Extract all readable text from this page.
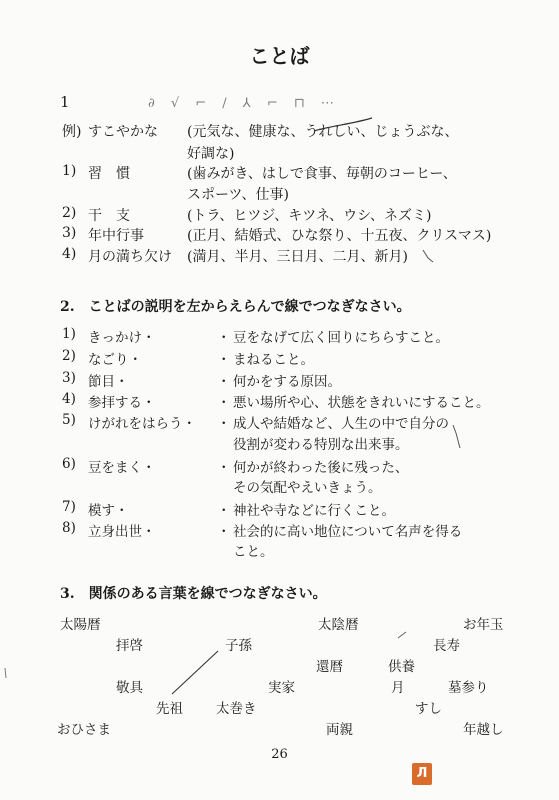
ことば
1	∂ √ ⌐ ∕ ⅄ ⌐ ⊓ ⋯
例) すこやかな (元気な、健康な、うれしい、じょうぶな、
好調な)
1) 習　慣	(歯みがき、はしで食事、毎朝のコーヒー、
スポーツ、仕事)
2) 干　支	(トラ、ヒツジ、キツネ、ウシ、ネズミ)
3) 年中行事	(正月、結婚式、ひな祭り、十五夜、クリスマス)
4) 月の満ち欠け (満月、半月、三日月、二月、新月)
2.　ことばの説明を左からえらんで線でつなぎなさい。
1) きっかけ・	・ 豆をなげて広く回りにちらすこと。
2) なごり・	・ まねること。
3) 節目・	・ 何かをする原因。
4) 参拝する・	・ 悪い場所や心、状態をきれいにすること。
5) けがれをはらう・ ・ 成人や結婚など、人生の中で自分の
役割が変わる特別な出来事。
6) 豆をまく・	・ 何かが終わった後に残った、
その気配やえいきょう。
7) 模す・	・ 神社や寺などに行くこと。
8) 立身出世・	・ 社会的に高い地位について名声を得る
こと。
3.　関係のある言葉を線でつなぎなさい。
太陽暦	太陰暦	お年玉
拝啓	子孫	長寿
還暦	供養
敬具	実家	月	墓参り
先祖 太巻き	すし
おひさま	両親	年越し
26
Л
